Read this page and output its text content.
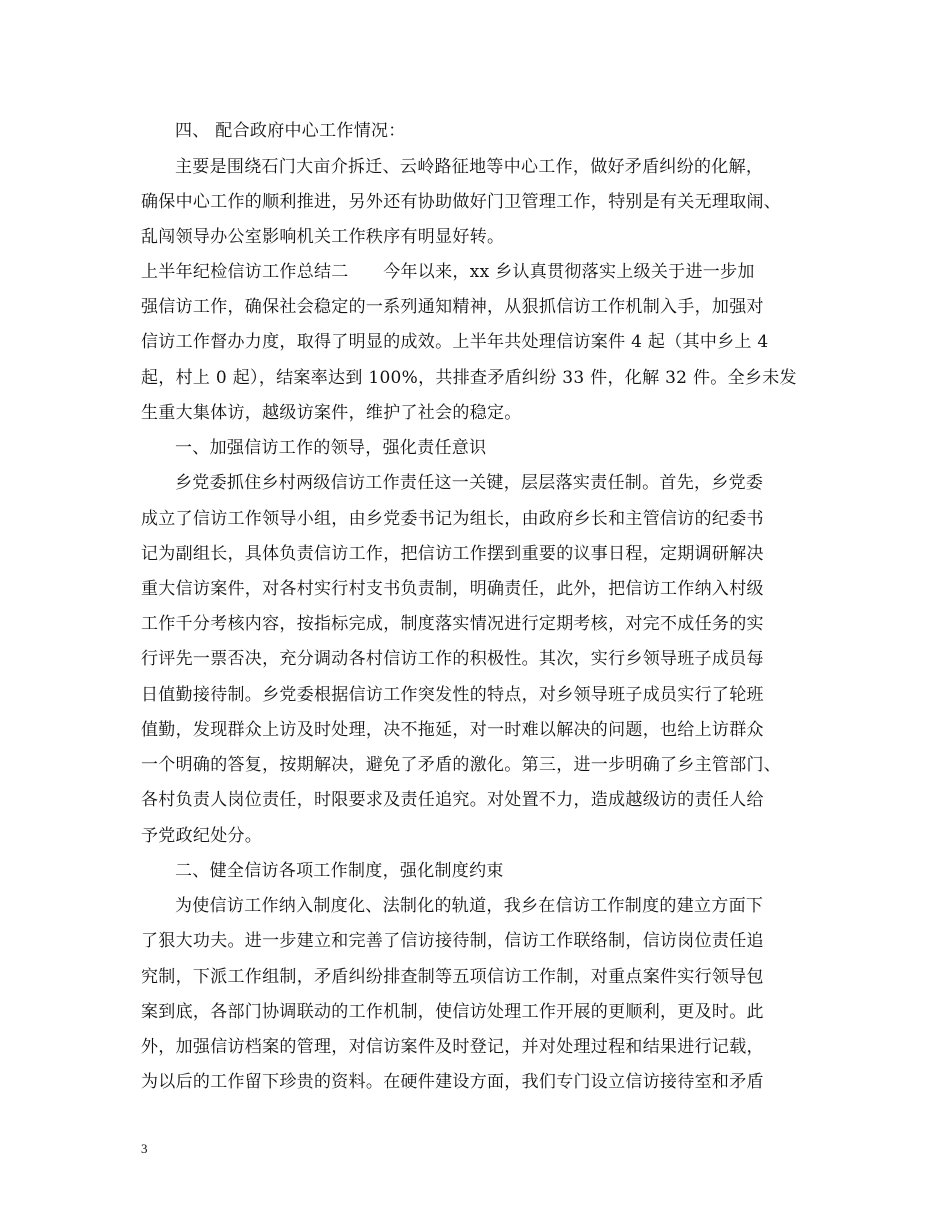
四、 配合政府中心工作情况：
主要是围绕石门大亩介拆迁、云岭路征地等中心工作，做好矛盾纠纷的化解，
确保中心工作的顺利推进，另外还有协助做好门卫管理工作，特别是有关无理取闹、
乱闯领导办公室影响机关工作秩序有明显好转。
上半年纪检信访工作总结二　　今年以来，xx 乡认真贯彻落实上级关于进一步加
强信访工作，确保社会稳定的一系列通知精神，从狠抓信访工作机制入手，加强对
信访工作督办力度，取得了明显的成效。上半年共处理信访案件 4 起（其中乡上 4
起，村上 0 起），结案率达到 100%，共排查矛盾纠纷 33 件，化解 32 件。全乡未发
生重大集体访，越级访案件，维护了社会的稳定。
一、加强信访工作的领导，强化责任意识
乡党委抓住乡村两级信访工作责任这一关键，层层落实责任制。首先，乡党委
成立了信访工作领导小组，由乡党委书记为组长，由政府乡长和主管信访的纪委书
记为副组长，具体负责信访工作，把信访工作摆到重要的议事日程，定期调研解决
重大信访案件，对各村实行村支书负责制，明确责任，此外，把信访工作纳入村级
工作千分考核内容，按指标完成，制度落实情况进行定期考核，对完不成任务的实
行评先一票否决，充分调动各村信访工作的积极性。其次，实行乡领导班子成员每
日值勤接待制。乡党委根据信访工作突发性的特点，对乡领导班子成员实行了轮班
值勤，发现群众上访及时处理，决不拖延，对一时难以解决的问题，也给上访群众
一个明确的答复，按期解决，避免了矛盾的激化。第三，进一步明确了乡主管部门、
各村负责人岗位责任，时限要求及责任追究。对处置不力，造成越级访的责任人给
予党政纪处分。
二、健全信访各项工作制度，强化制度约束
为使信访工作纳入制度化、法制化的轨道，我乡在信访工作制度的建立方面下
了狠大功夫。进一步建立和完善了信访接待制，信访工作联络制，信访岗位责任追
究制，下派工作组制，矛盾纠纷排查制等五项信访工作制，对重点案件实行领导包
案到底，各部门协调联动的工作机制，使信访处理工作开展的更顺利，更及时。此
外，加强信访档案的管理，对信访案件及时登记，并对处理过程和结果进行记载，
为以后的工作留下珍贵的资料。在硬件建设方面，我们专门设立信访接待室和矛盾
3
